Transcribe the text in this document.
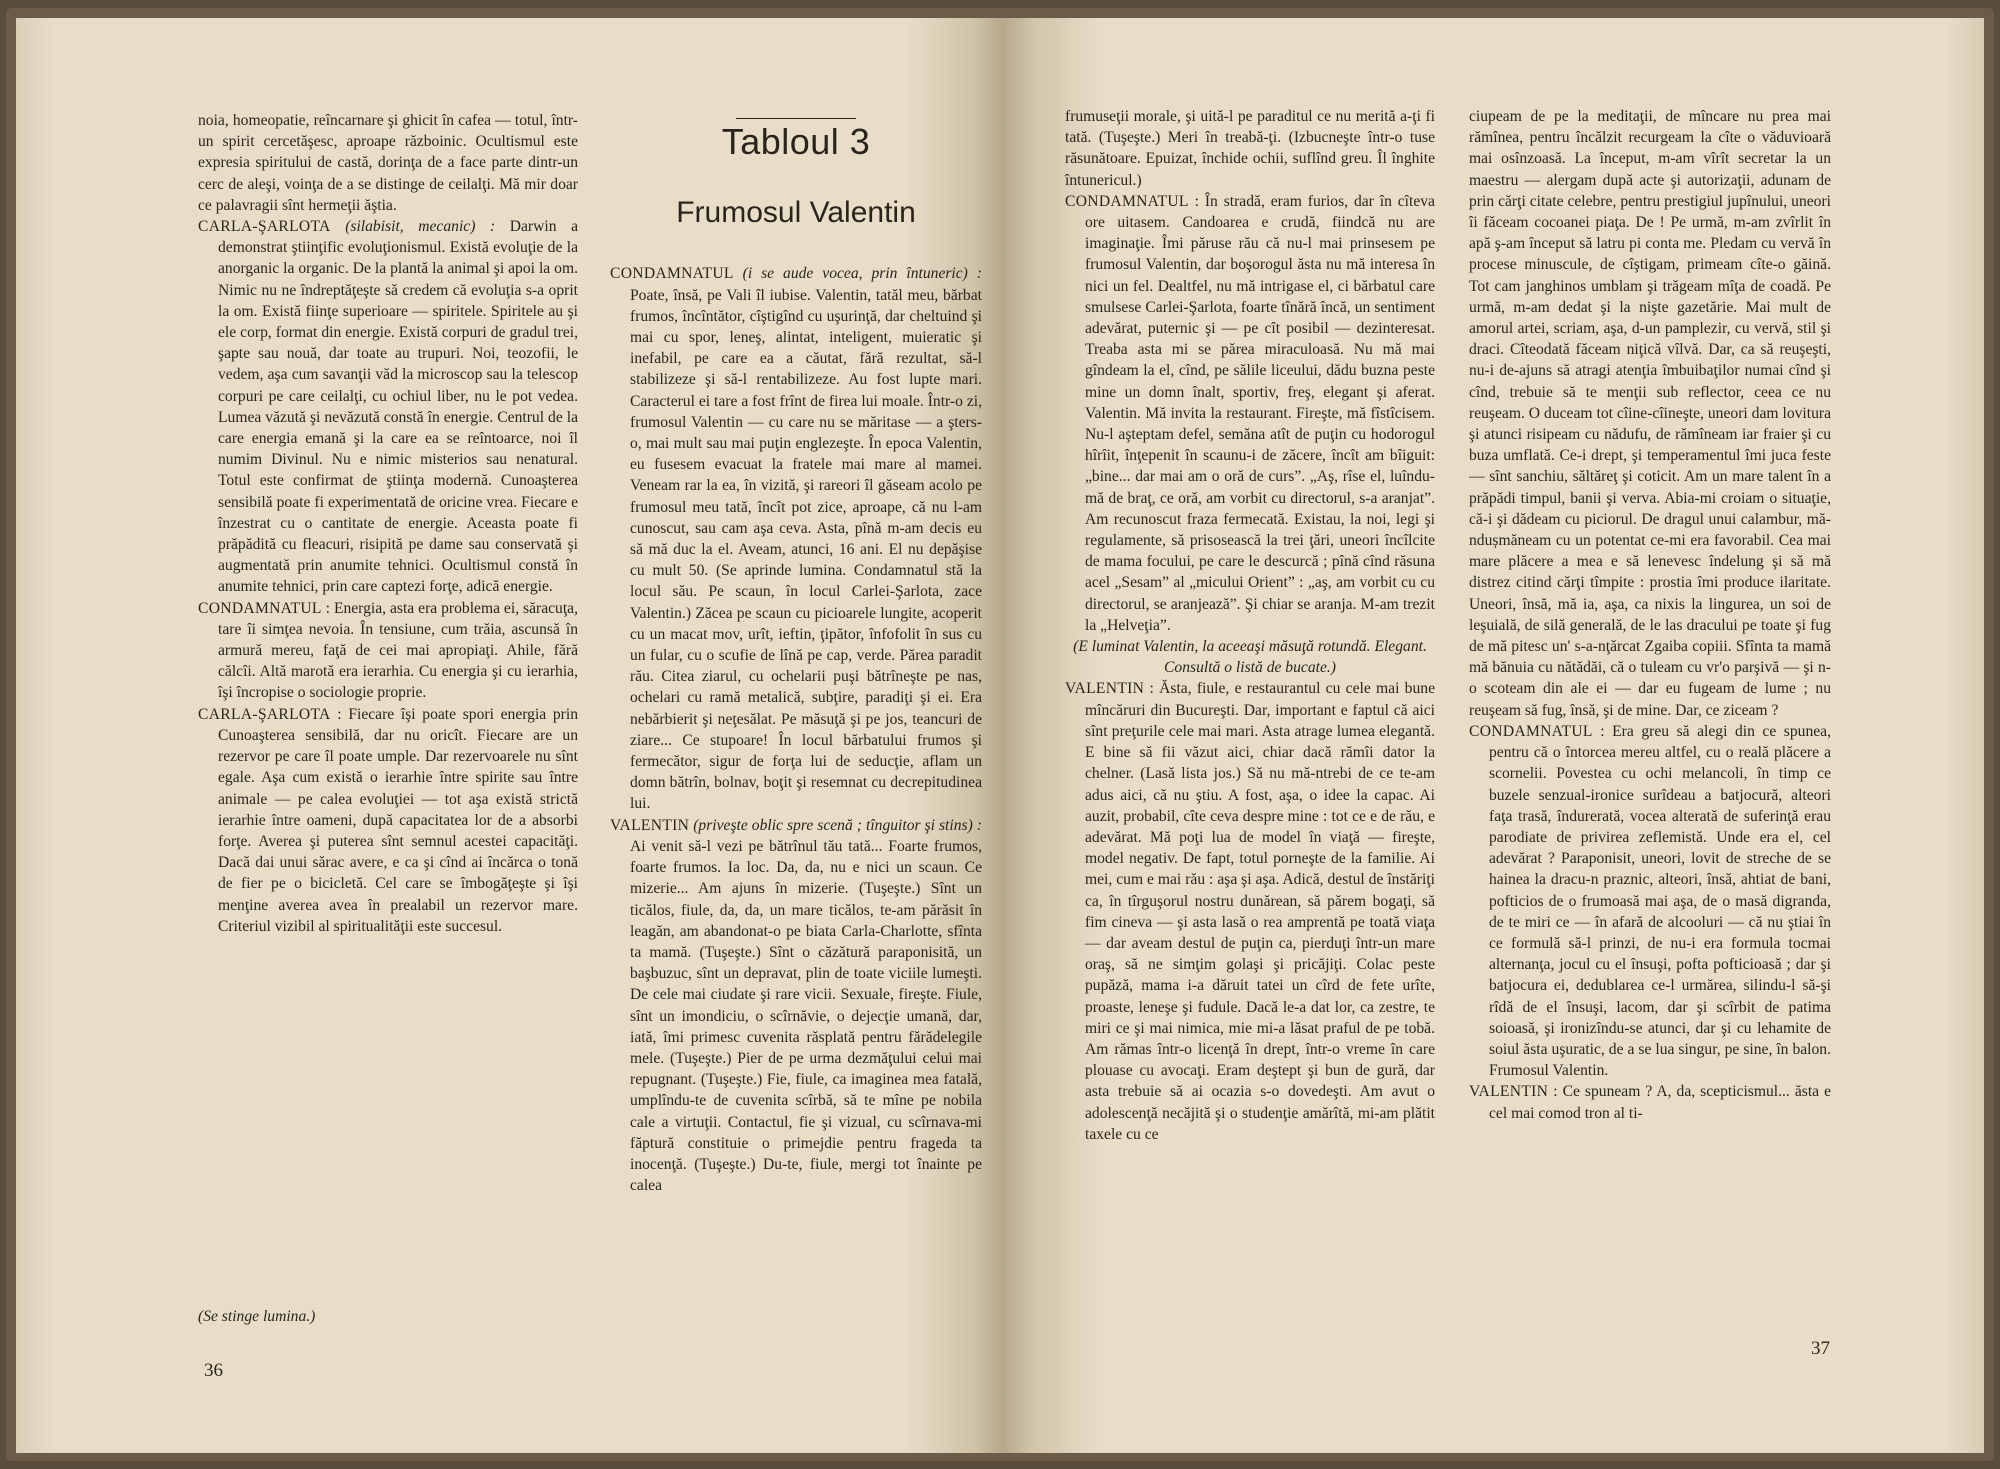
noia, homeopatie, reîncarnare şi ghicit în cafea — totul, într-un spirit cercetăşesc, aproape războinic. Ocultismul este expresia spiritului de castă, dorinţa de a face parte dintr-un cerc de aleşi, voinţa de a se distinge de ceilalţi. Mă mir doar ce palavragii sînt hermeţii ăştia.

CARLA-ŞARLOTA (silabisit, mecanic) : Darwin a demonstrat ştiinţific evoluţionismul. Există evoluţie de la anorganic la organic. De la plantă la animal şi apoi la om. Nimic nu ne îndreptăţeşte să credem că evoluţia s-a oprit la om. Există fiinţe superioare — spiritele. Spiritele au şi ele corp, format din energie. Există corpuri de gradul trei, şapte sau nouă, dar toate au trupuri. Noi, teozofii, le vedem, aşa cum savanţii văd la microscop sau la telescop corpuri pe care ceilalţi, cu ochiul liber, nu le pot vedea. Lumea văzută şi nevăzută constă în energie. Centrul de la care energia emană şi la care ea se reîntoarce, noi îl numim Divinul. Nu e nimic misterios sau nenatural. Totul este confirmat de ştiinţa modernă. Cunoaşterea sensibilă poate fi experimentată de oricine vrea. Fiecare e înzestrat cu o cantitate de energie. Aceasta poate fi prăpădită cu fleacuri, risipită pe dame sau conservată şi augmentată prin anumite tehnici. Ocultismul constă în anumite tehnici, prin care captezi forţe, adică energie.

CONDAMNATUL : Energia, asta era problema ei, săracuţa, tare îi simţea nevoia. În tensiune, cum trăia, ascunsă în armură mereu, faţă de cei mai apropiaţi. Ahile, fără călcîi. Altă marotă era ierarhia. Cu energia şi cu ierarhia, îşi încropise o sociologie proprie.

CARLA-ŞARLOTA : Fiecare îşi poate spori energia prin Cunoaşterea sensibilă, dar nu oricît. Fiecare are un rezervor pe care îl poate umple. Dar rezervoarele nu sînt egale. Aşa cum există o ierarhie între spirite sau între animale — pe calea evoluţiei — tot aşa există strictă ierarhie între oameni, după capacitatea lor de a absorbi forţe. Averea şi puterea sînt semnul acestei capacităţi. Dacă dai unui sărac avere, e ca şi cînd ai încărca o tonă de fier pe o bicicletă. Cel care se îmbogăţeşte şi îşi menţine averea avea în prealabil un rezervor mare. Criteriul vizibil al spiritualităţii este succesul.

(Se stinge lumina.)

Tabloul 3
Frumosul Valentin

CONDAMNATUL (i se aude vocea, prin întuneric) : Poate, însă, pe Vali îl iubise. Valentin, tatăl meu, bărbat frumos, încîntător, cîştigînd cu uşurinţă, dar cheltuind şi mai cu spor, leneş, alintat, inteligent, muieratic şi inefabil, pe care ea a căutat, fără rezultat, să-l stabilizeze şi să-l rentabilizeze. Au fost lupte mari. Caracterul ei tare a fost frînt de firea lui moale. Într-o zi, frumosul Valentin — cu care nu se măritase — a şters-o, mai mult sau mai puţin englezeşte. În epoca Valentin, eu fusesem evacuat la fratele mai mare al mamei. Veneam rar la ea, în vizită, şi rareori îl găseam acolo pe frumosul meu tată, încît pot zice, aproape, că nu l-am cunoscut, sau cam aşa ceva. Asta, pînă m-am decis eu să mă duc la el. Aveam, atunci, 16 ani. El nu depăşise cu mult 50. (Se aprinde lumina. Condamnatul stă la locul său. Pe scaun, în locul Carlei-Şarlota, zace Valentin.) Zăcea pe scaun cu picioarele lungite, acoperit cu un macat mov, urît, ieftin, ţipător, înfofolit în sus cu un fular, cu o scufie de lînă pe cap, verde. Părea paradit rău. Citea ziarul, cu ochelarii puşi bătrîneşte pe nas, ochelari cu ramă metalică, subţire, paradiţi şi ei. Era nebărbierit şi neţesălat. Pe măsuţă şi pe jos, teancuri de ziare... Ce stupoare! În locul bărbatului frumos şi fermecător, sigur de forţa lui de seducţie, aflam un domn bătrîn, bolnav, boţit şi resemnat cu decrepitudinea lui.

VALENTIN (priveşte oblic spre scenă ; tînguitor şi stins) : Ai venit să-l vezi pe bătrînul tău tată... Foarte frumos, foarte frumos. Ia loc. Da, da, nu e nici un scaun. Ce mizerie... Am ajuns în mizerie. (Tuşeşte.) Sînt un ticălos, fiule, da, da, un mare ticălos, te-am părăsit în leagăn, am abandonat-o pe biata Carla-Charlotte, sfînta ta mamă. (Tuşeşte.) Sînt o căzătură paraponisită, un başbuzuc, sînt un depravat, plin de toate viciile lumeşti. De cele mai ciudate şi rare vicii. Sexuale, fireşte. Fiule, sînt un imondiciu, o scîrnăvie, o dejecţie umană, dar, iată, îmi primesc cuvenita răsplată pentru fărădelegile mele. (Tuşeşte.) Pier de pe urma dezmăţului celui mai repugnant. (Tuşeşte.) Fie, fiule, ca imaginea mea fatală, umplîndu-te de cuvenita scîrbă, să te mîne pe nobila cale a virtuţii. Contactul, fie şi vizual, cu scîrnava-mi făptură constituie o primejdie pentru frageda ta inocenţă. (Tuşeşte.) Du-te, fiule, mergi tot înainte pe calea

36

frumuseţii morale, şi uită-l pe paraditul ce nu merită a-ţi fi tată. (Tuşeşte.) Meri în treabă-ţi. (Izbucneşte într-o tuse răsunătoare. Epuizat, închide ochii, suflînd greu. Îl înghite întunericul.)

CONDAMNATUL : În stradă, eram furios, dar în cîteva ore uitasem. Candoarea e crudă, fiindcă nu are imaginaţie. Îmi păruse rău că nu-l mai prinsesem pe frumosul Valentin, dar boşorogul ăsta nu mă interesa în nici un fel. Dealtfel, nu mă intrigase el, ci bărbatul care smulsese Carlei-Şarlota, foarte tînără încă, un sentiment adevărat, puternic şi — pe cît posibil — dezinteresat. Treaba asta mi se părea miraculoasă. Nu mă mai gîndeam la el, cînd, pe sălile liceului, dădu buzna peste mine un domn înalt, sportiv, freş, elegant şi aferat. Valentin. Mă invita la restaurant. Fireşte, mă fîstîcisem. Nu-l aşteptam defel, semăna atît de puţin cu hodorogul hîrîit, înţepenit în scaunu-i de zăcere, încît am bîiguit: „bine... dar mai am o oră de curs”. „Aş, rîse el, luîndu-mă de braţ, ce oră, am vorbit cu directorul, s-a aranjat”. Am recunoscut fraza fermecată. Existau, la noi, legi şi regulamente, să prisosească la trei ţări, uneori încîlcite de mama focului, pe care le descurcă ; pînă cînd răsuna acel „Sesam” al „micului Orient” : „aş, am vorbit cu cu directorul, se aranjează”. Şi chiar se aranja. M-am trezit la „Helveţia”.

(E luminat Valentin, la aceeaşi măsuţă rotundă. Elegant. Consultă o listă de bucate.)

VALENTIN : Ăsta, fiule, e restaurantul cu cele mai bune mîncăruri din Bucureşti. Dar, important e faptul că aici sînt preţurile cele mai mari. Asta atrage lumea elegantă. E bine să fii văzut aici, chiar dacă rămîi dator la chelner. (Lasă lista jos.) Să nu mă-ntrebi de ce te-am adus aici, că nu ştiu. A fost, aşa, o idee la capac. Ai auzit, probabil, cîte ceva despre mine : tot ce e de rău, e adevărat. Mă poţi lua de model în viaţă — fireşte, model negativ. De fapt, totul porneşte de la familie. Ai mei, cum e mai rău : aşa şi aşa. Adică, destul de înstăriţi ca, în tîrguşorul nostru dunărean, să părem bogaţi, să fim cineva — şi asta lasă o rea amprentă pe toată viaţa — dar aveam destul de puţin ca, pierduţi într-un mare oraş, să ne simţim golaşi şi pricăjiţi. Colac peste pupăză, mama i-a dăruit tatei un cîrd de fete urîte, proaste, leneşe şi fudule. Dacă le-a dat lor, ca zestre, te miri ce şi mai nimica, mie mi-a lăsat praful de pe tobă. Am rămas într-o licenţă în drept, într-o vreme în care plouase cu avocaţi. Eram deştept şi bun de gură, dar asta trebuie să ai ocazia s-o dovedeşti. Am avut o adolescenţă necăjită şi o studenţie amărîtă, mi-am plătit taxele cu ce

ciupeam de pe la meditaţii, de mîncare nu prea mai rămînea, pentru încălzit recurgeam la cîte o văduvioară mai osînzoasă. La început, m-am vîrît secretar la un maestru — alergam după acte şi autorizaţii, adunam de prin cărţi citate celebre, pentru prestigiul jupînului, uneori îi făceam cocoanei piaţa. De ! Pe urmă, m-am zvîrlit în apă ş-am început să latru pi conta me. Pledam cu vervă în procese minuscule, de cîştigam, primeam cîte-o găină. Tot cam janghinos umblam şi trăgeam mîţa de coadă. Pe urmă, m-am dedat şi la nişte gazetărie. Mai mult de amorul artei, scriam, aşa, d-un pamplezir, cu vervă, stil şi draci. Cîteodată făceam niţică vîlvă. Dar, ca să reuşeşti, nu-i de-ajuns să atragi atenţia îmbuibaţilor numai cînd şi cînd, trebuie să te menţii sub reflector, ceea ce nu reuşeam. O duceam tot cîine-cîineşte, uneori dam lovitura şi atunci risipeam cu nădufu, de rămîneam iar fraier şi cu buza umflată. Ce-i drept, şi temperamentul îmi juca feste — sînt sanchiu, săltăreţ şi coticit. Am un mare talent în a prăpădi timpul, banii şi verva. Abia-mi croiam o situaţie, că-i şi dădeam cu piciorul. De dragul unui calambur, mă-ndușmăneam cu un potentat ce-mi era favorabil. Cea mai mare plăcere a mea e să lenevesc îndelung şi să mă distrez citind cărţi tîmpite : prostia îmi produce ilaritate. Uneori, însă, mă ia, aşa, ca nixis la lingurea, un soi de leşuială, de silă generală, de le las dracului pe toate şi fug de mă pitesc un' s-a-nţărcat Zgaiba copiii. Sfînta ta mamă mă bănuia cu nătădăi, că o tuleam cu vr'o parşivă — şi n-o scoteam din ale ei — dar eu fugeam de lume ; nu reuşeam să fug, însă, şi de mine. Dar, ce ziceam ?

CONDAMNATUL : Era greu să alegi din ce spunea, pentru că o întorcea mereu altfel, cu o reală plăcere a scornelii. Povestea cu ochi melancoli, în timp ce buzele senzual-ironice surîdeau a batjocură, alteori faţa trasă, îndurerată, vocea alterată de suferinţă erau parodiate de privirea zeflemistă. Unde era el, cel adevărat ? Paraponisit, uneori, lovit de streche de se hainea la dracu-n praznic, alteori, însă, ahtiat de bani, pofticios de o frumoasă mai aşa, de o masă digranda, de te miri ce — în afară de alcooluri — că nu ştiai în ce formulă să-l prinzi, de nu-i era formula tocmai alternanţa, jocul cu el însuşi, pofta pofticioasă ; dar şi batjocura ei, dedublarea ce-l urmărea, silindu-l să-şi rîdă de el însuşi, lacom, dar şi scîrbit de patima soioasă, şi ironizîndu-se atunci, dar şi cu lehamite de soiul ăsta uşuratic, de a se lua singur, pe sine, în balon. Frumosul Valentin.

VALENTIN : Ce spuneam ? A, da, scepticismul... ăsta e cel mai comod tron al ti-

37
